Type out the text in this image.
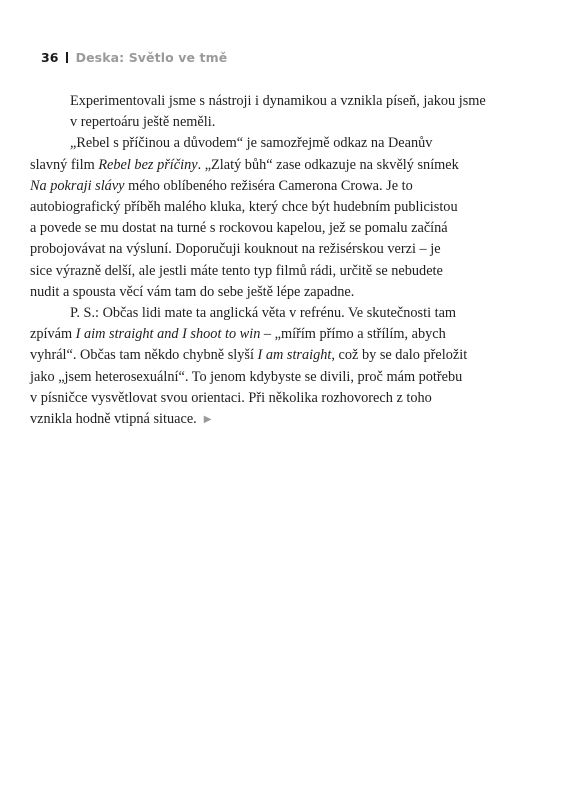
36 Deska: Světlo ve tmě

Experimentovali jsme s nástroji i dynamikou a vznikla píseň, jakou jsme
v repertoáru ještě neměli.

„Rebel s příčinou a důvodem“ je samozřejmě odkaz na Deanův
slavný film Rebel bez příčiny. „Zlatý bůh“ zase odkazuje na skvělý snímek
Na pokraji slávy mého oblíbeného režiséra Camerona Crowa. Je to
autobiografický příběh malého kluka, který chce být hudebním publicistou
a povede se mu dostat na turné s rockovou kapelou, jež se pomalu začíná
probojovávat na výsluní. Doporučuji kouknout na režisérskou verzi – je
sice výrazně delší, ale jestli máte tento typ filmů rádi, určitě se nebudete
nudit a spousta věcí vám tam do sebe ještě lépe zapadne.

P. S.: Občas lidi mate ta anglická věta v refrénu. Ve skutečnosti tam
zpívám I aim straight and I shoot to win – „mířím přímo a střílím, abych
vyhrál“. Občas tam někdo chybně slyší I am straight, což by se dalo přeložit
jako „jsem heterosexuální“. To jenom kdybyste se divili, proč mám potřebu
v písničce vysvětlovat svou orientaci. Při několika rozhovorech z toho
vznikla hodně vtipná situace. ▶
